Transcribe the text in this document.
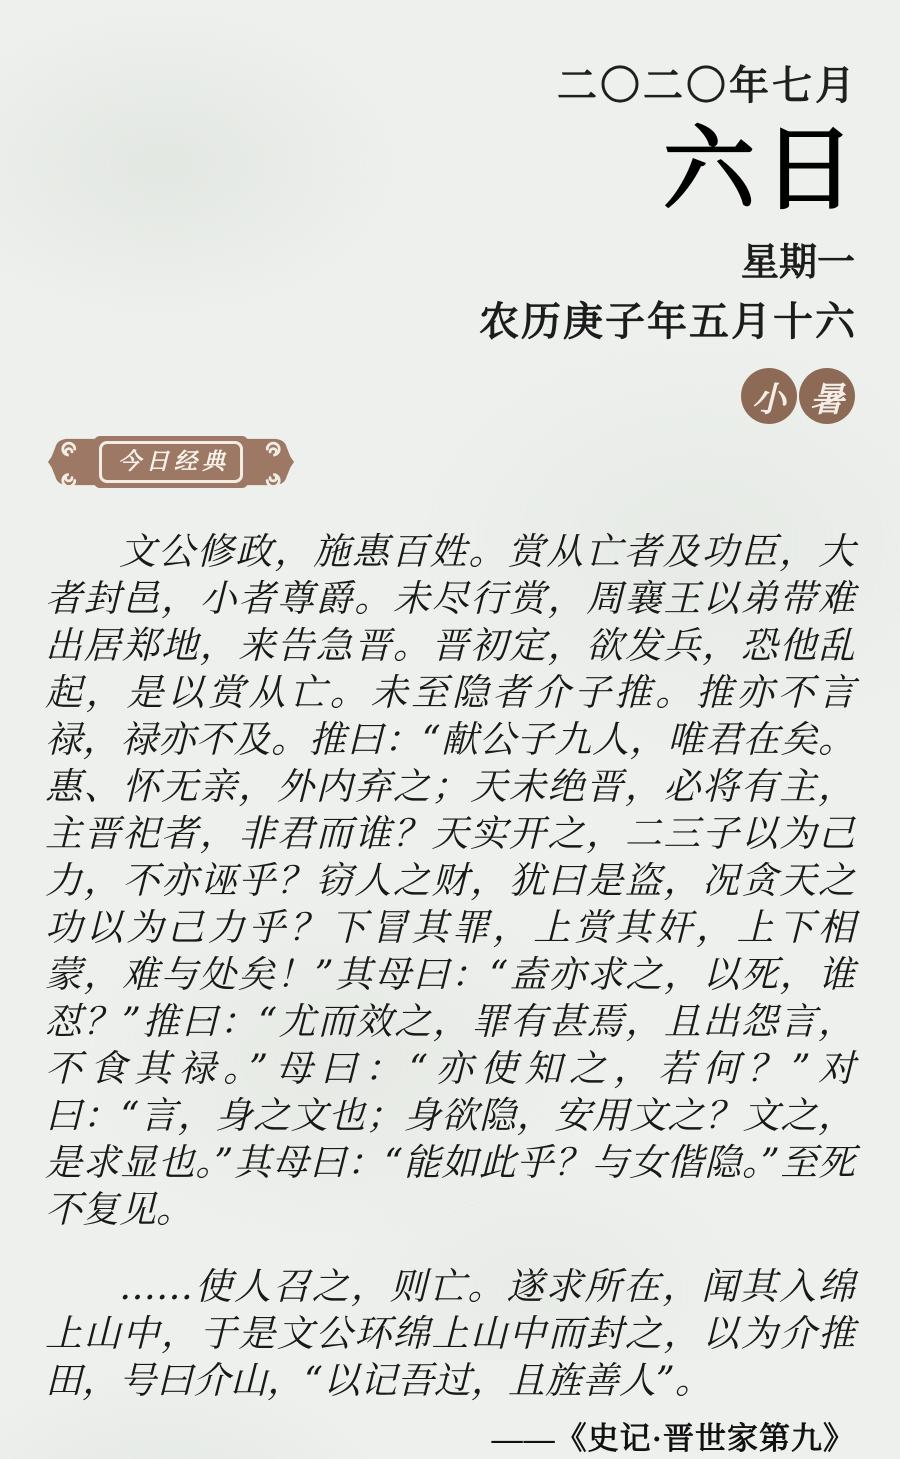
二〇二〇年七月
六日
星期一
农历庚子年五月十六
小 暑
今日经典

文公修政，施惠百姓。赏从亡者及功臣，大者封邑，小者尊爵。未尽行赏，周襄王以弟带难出居郑地，来告急晋。晋初定，欲发兵，恐他乱起，是以赏从亡。未至隐者介子推。推亦不言禄，禄亦不及。推曰：“献公子九人，唯君在矣。惠、怀无亲，外内弃之；天未绝晋，必将有主，主晋祀者，非君而谁？天实开之，二三子以为己力，不亦诬乎？窃人之财，犹曰是盗，况贪天之功以为己力乎？下冒其罪，上赏其奸，上下相蒙，难与处矣！”其母曰：“盍亦求之，以死，谁怼？”推曰：“尤而效之，罪有甚焉，且出怨言，不食其禄。”母曰：“亦使知之，若何？”对曰：“言，身之文也；身欲隐，安用文之？文之，是求显也。”其母曰：“能如此乎？与女偕隐。”至死不复见。

……使人召之，则亡。遂求所在，闻其入绵上山中，于是文公环绵上山中而封之，以为介推田，号曰介山，“以记吾过，且旌善人”。

——《史记·晋世家第九》
